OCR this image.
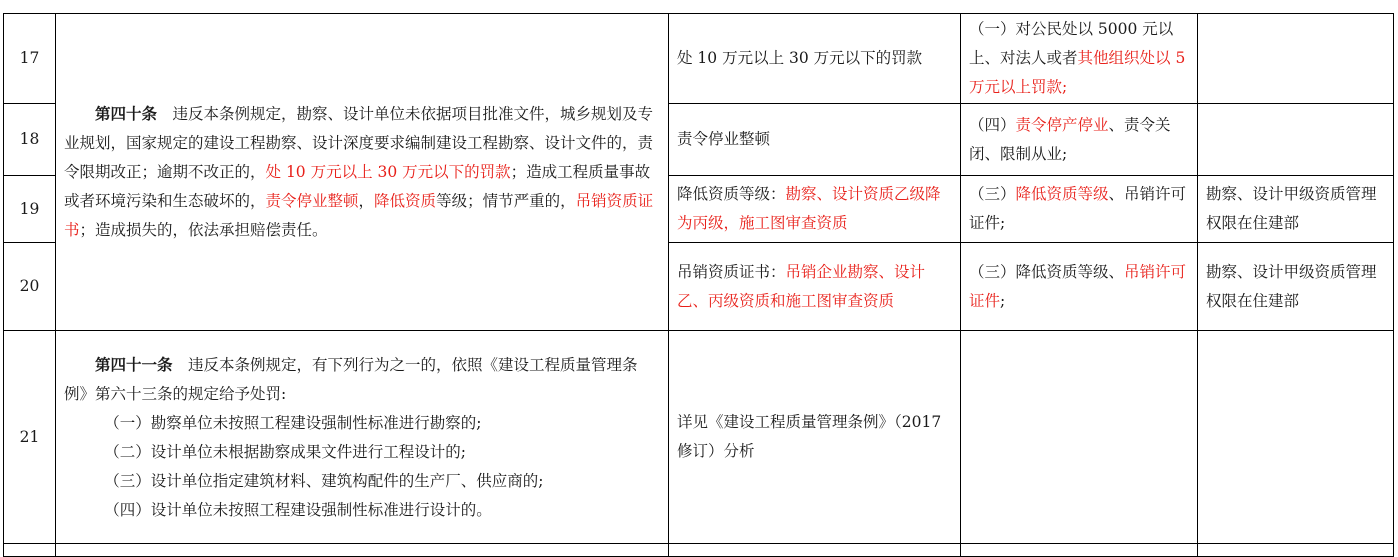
17	第四十条　 违反本条例规定，勘察、设计单位未依据项目批准文件，城乡规划及专业规划，国家规定的建设工程勘察、设计深度要求编制建设工程勘察、设计文件的，责令限期改正；逾期不改正的，处 10 万元以上 30 万元以下的罚款；造成工程质量事故或者环境污染和生态破坏的，责令停业整顿，降低资质等级；情节严重的，吊销资质证书；造成损失的，依法承担赔偿责任。	处 10 万元以上 30 万元以下的罚款	（一）对公民处以 5000 元以上、对法人或者其他组织处以 5 万元以上罚款;	
18		责令停业整顿	（四）责令停产停业、责令关闭、限制从业;	
19		降低资质等级：勘察、设计资质乙级降为丙级，施工图审查资质	（三）降低资质等级、吊销许可证件;	勘察、设计甲级资质管理权限在住建部
20		吊销资质证书：吊销企业勘察、设计乙、丙级资质和施工图审查资质	（三）降低资质等级、吊销许可证件;	勘察、设计甲级资质管理权限在住建部
21	第四十一条　 违反本条例规定，有下列行为之一的，依照《建设工程质量管理条例》第六十三条的规定给予处罚:

（一）勘察单位未按照工程建设强制性标准进行勘察的;

（二）设计单位未根据勘察成果文件进行工程设计的;

（三）设计单位指定建筑材料、建筑构配件的生产厂、供应商的;

（四）设计单位未按照工程建设强制性标准进行设计的。	详见《建设工程质量管理条例》（2017 修订）分析		
